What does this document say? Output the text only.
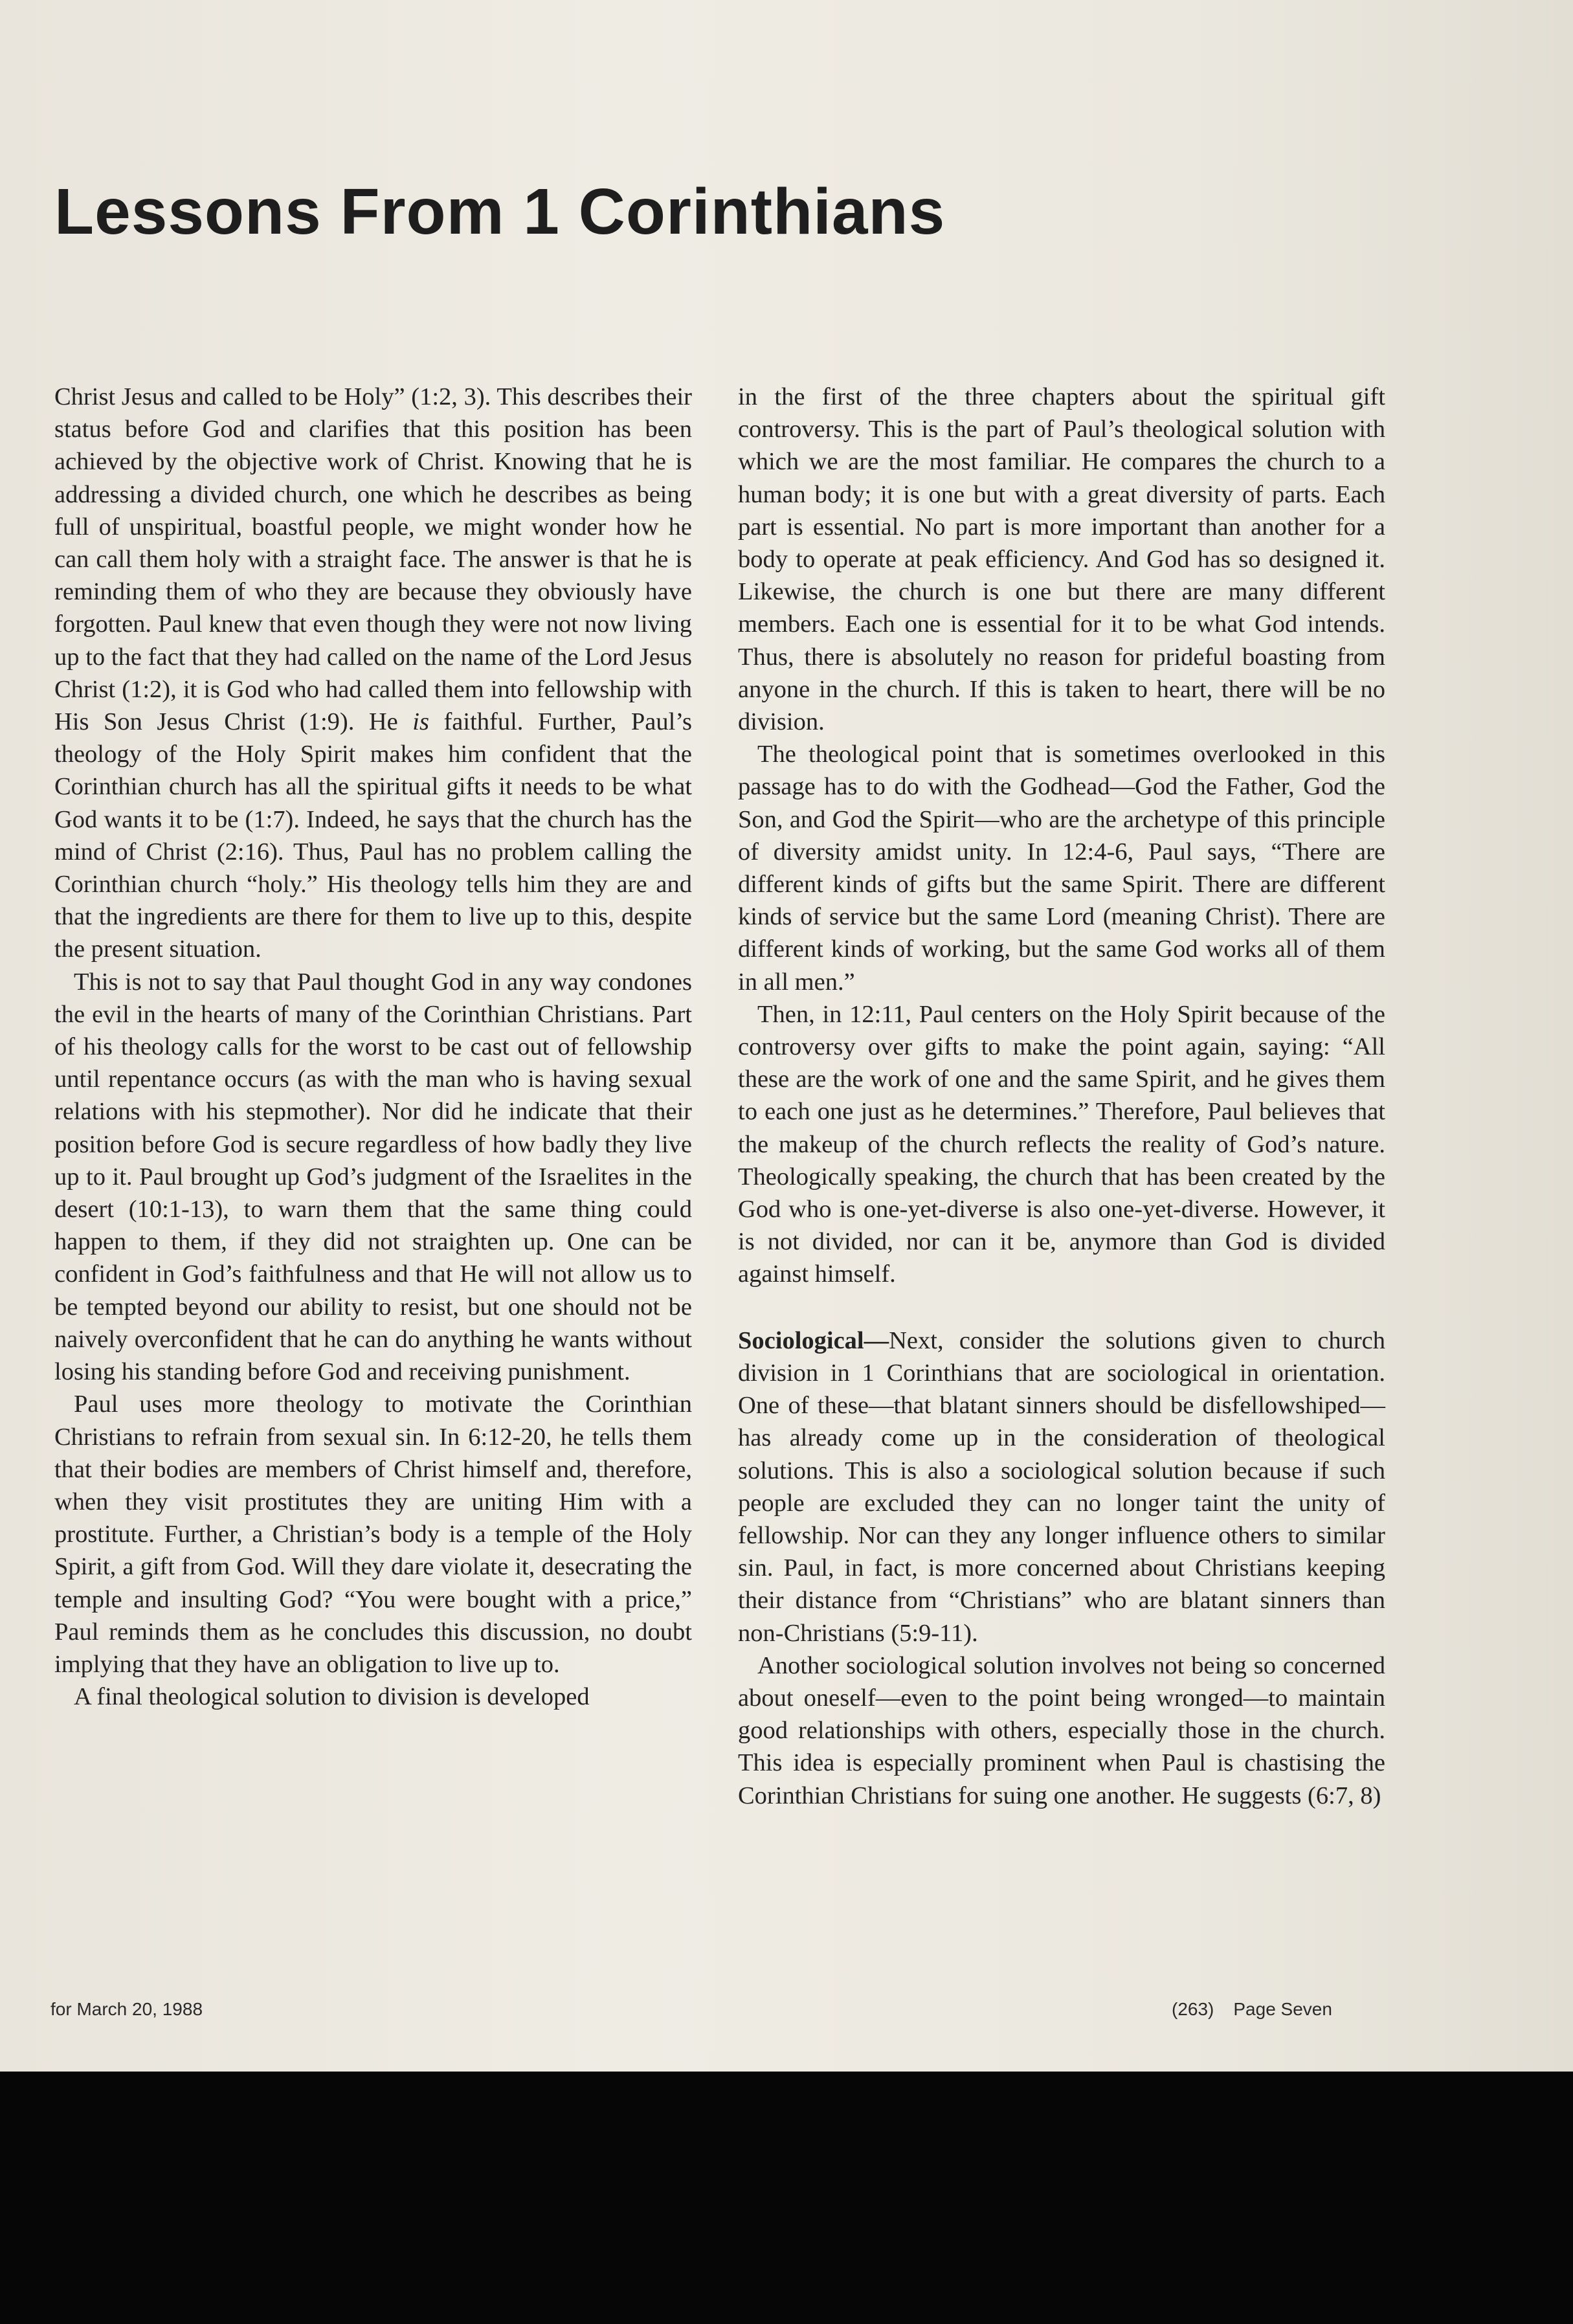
Lessons From 1 Corinthians

Christ Jesus and called to be Holy” (1:2, 3). This describes their status before God and clarifies that this position has been achieved by the objective work of Christ. Knowing that he is addressing a divided church, one which he describes as being full of unspiritual, boastful people, we might wonder how he can call them holy with a straight face. The answer is that he is reminding them of who they are because they obviously have forgotten. Paul knew that even though they were not now living up to the fact that they had called on the name of the Lord Jesus Christ (1:2), it is God who had called them into fellowship with His Son Jesus Christ (1:9). He is faithful. Further, Paul’s theology of the Holy Spirit makes him confident that the Corinthian church has all the spiritual gifts it needs to be what God wants it to be (1:7). Indeed, he says that the church has the mind of Christ (2:16). Thus, Paul has no problem calling the Corinthian church “holy.” His theology tells him they are and that the ingredients are there for them to live up to this, despite the present situation.

This is not to say that Paul thought God in any way condones the evil in the hearts of many of the Corinthian Christians. Part of his theology calls for the worst to be cast out of fellowship until repentance occurs (as with the man who is having sexual relations with his stepmother). Nor did he indicate that their position before God is secure regardless of how badly they live up to it. Paul brought up God’s judgment of the Israelites in the desert (10:1-13), to warn them that the same thing could happen to them, if they did not straighten up. One can be confident in God’s faithfulness and that He will not allow us to be tempted beyond our ability to resist, but one should not be naively overconfident that he can do anything he wants without losing his standing before God and receiving punishment.

Paul uses more theology to motivate the Corinthian Christians to refrain from sexual sin. In 6:12-20, he tells them that their bodies are members of Christ himself and, therefore, when they visit prostitutes they are uniting Him with a prostitute. Further, a Christian’s body is a temple of the Holy Spirit, a gift from God. Will they dare violate it, desecrating the temple and insulting God? “You were bought with a price,” Paul reminds them as he concludes this discussion, no doubt implying that they have an obligation to live up to.

A final theological solution to division is developed

in the first of the three chapters about the spiritual gift controversy. This is the part of Paul’s theological solution with which we are the most familiar. He compares the church to a human body; it is one but with a great diversity of parts. Each part is essential. No part is more important than another for a body to operate at peak efficiency. And God has so designed it. Likewise, the church is one but there are many different members. Each one is essential for it to be what God intends. Thus, there is absolutely no reason for prideful boasting from anyone in the church. If this is taken to heart, there will be no division.

The theological point that is sometimes overlooked in this passage has to do with the Godhead—God the Father, God the Son, and God the Spirit—who are the archetype of this principle of diversity amidst unity. In 12:4-6, Paul says, “There are different kinds of gifts but the same Spirit. There are different kinds of service but the same Lord (meaning Christ). There are different kinds of working, but the same God works all of them in all men.”

Then, in 12:11, Paul centers on the Holy Spirit because of the controversy over gifts to make the point again, saying: “All these are the work of one and the same Spirit, and he gives them to each one just as he determines.” Therefore, Paul believes that the makeup of the church reflects the reality of God’s nature. Theologically speaking, the church that has been created by the God who is one-yet-diverse is also one-yet-diverse. However, it is not divided, nor can it be, anymore than God is divided against himself.

Sociological—Next, consider the solutions given to church division in 1 Corinthians that are sociological in orientation. One of these—that blatant sinners should be disfellowshiped—has already come up in the consideration of theological solutions. This is also a sociological solution because if such people are excluded they can no longer taint the unity of fellowship. Nor can they any longer influence others to similar sin. Paul, in fact, is more concerned about Christians keeping their distance from “Christians” who are blatant sinners than non-Christians (5:9-11).

Another sociological solution involves not being so concerned about oneself—even to the point being wronged—to maintain good relationships with others, especially those in the church. This idea is especially prominent when Paul is chastising the Corinthian Christians for suing one another. He suggests (6:7, 8)

for March 20, 1988	(263) Page Seven
